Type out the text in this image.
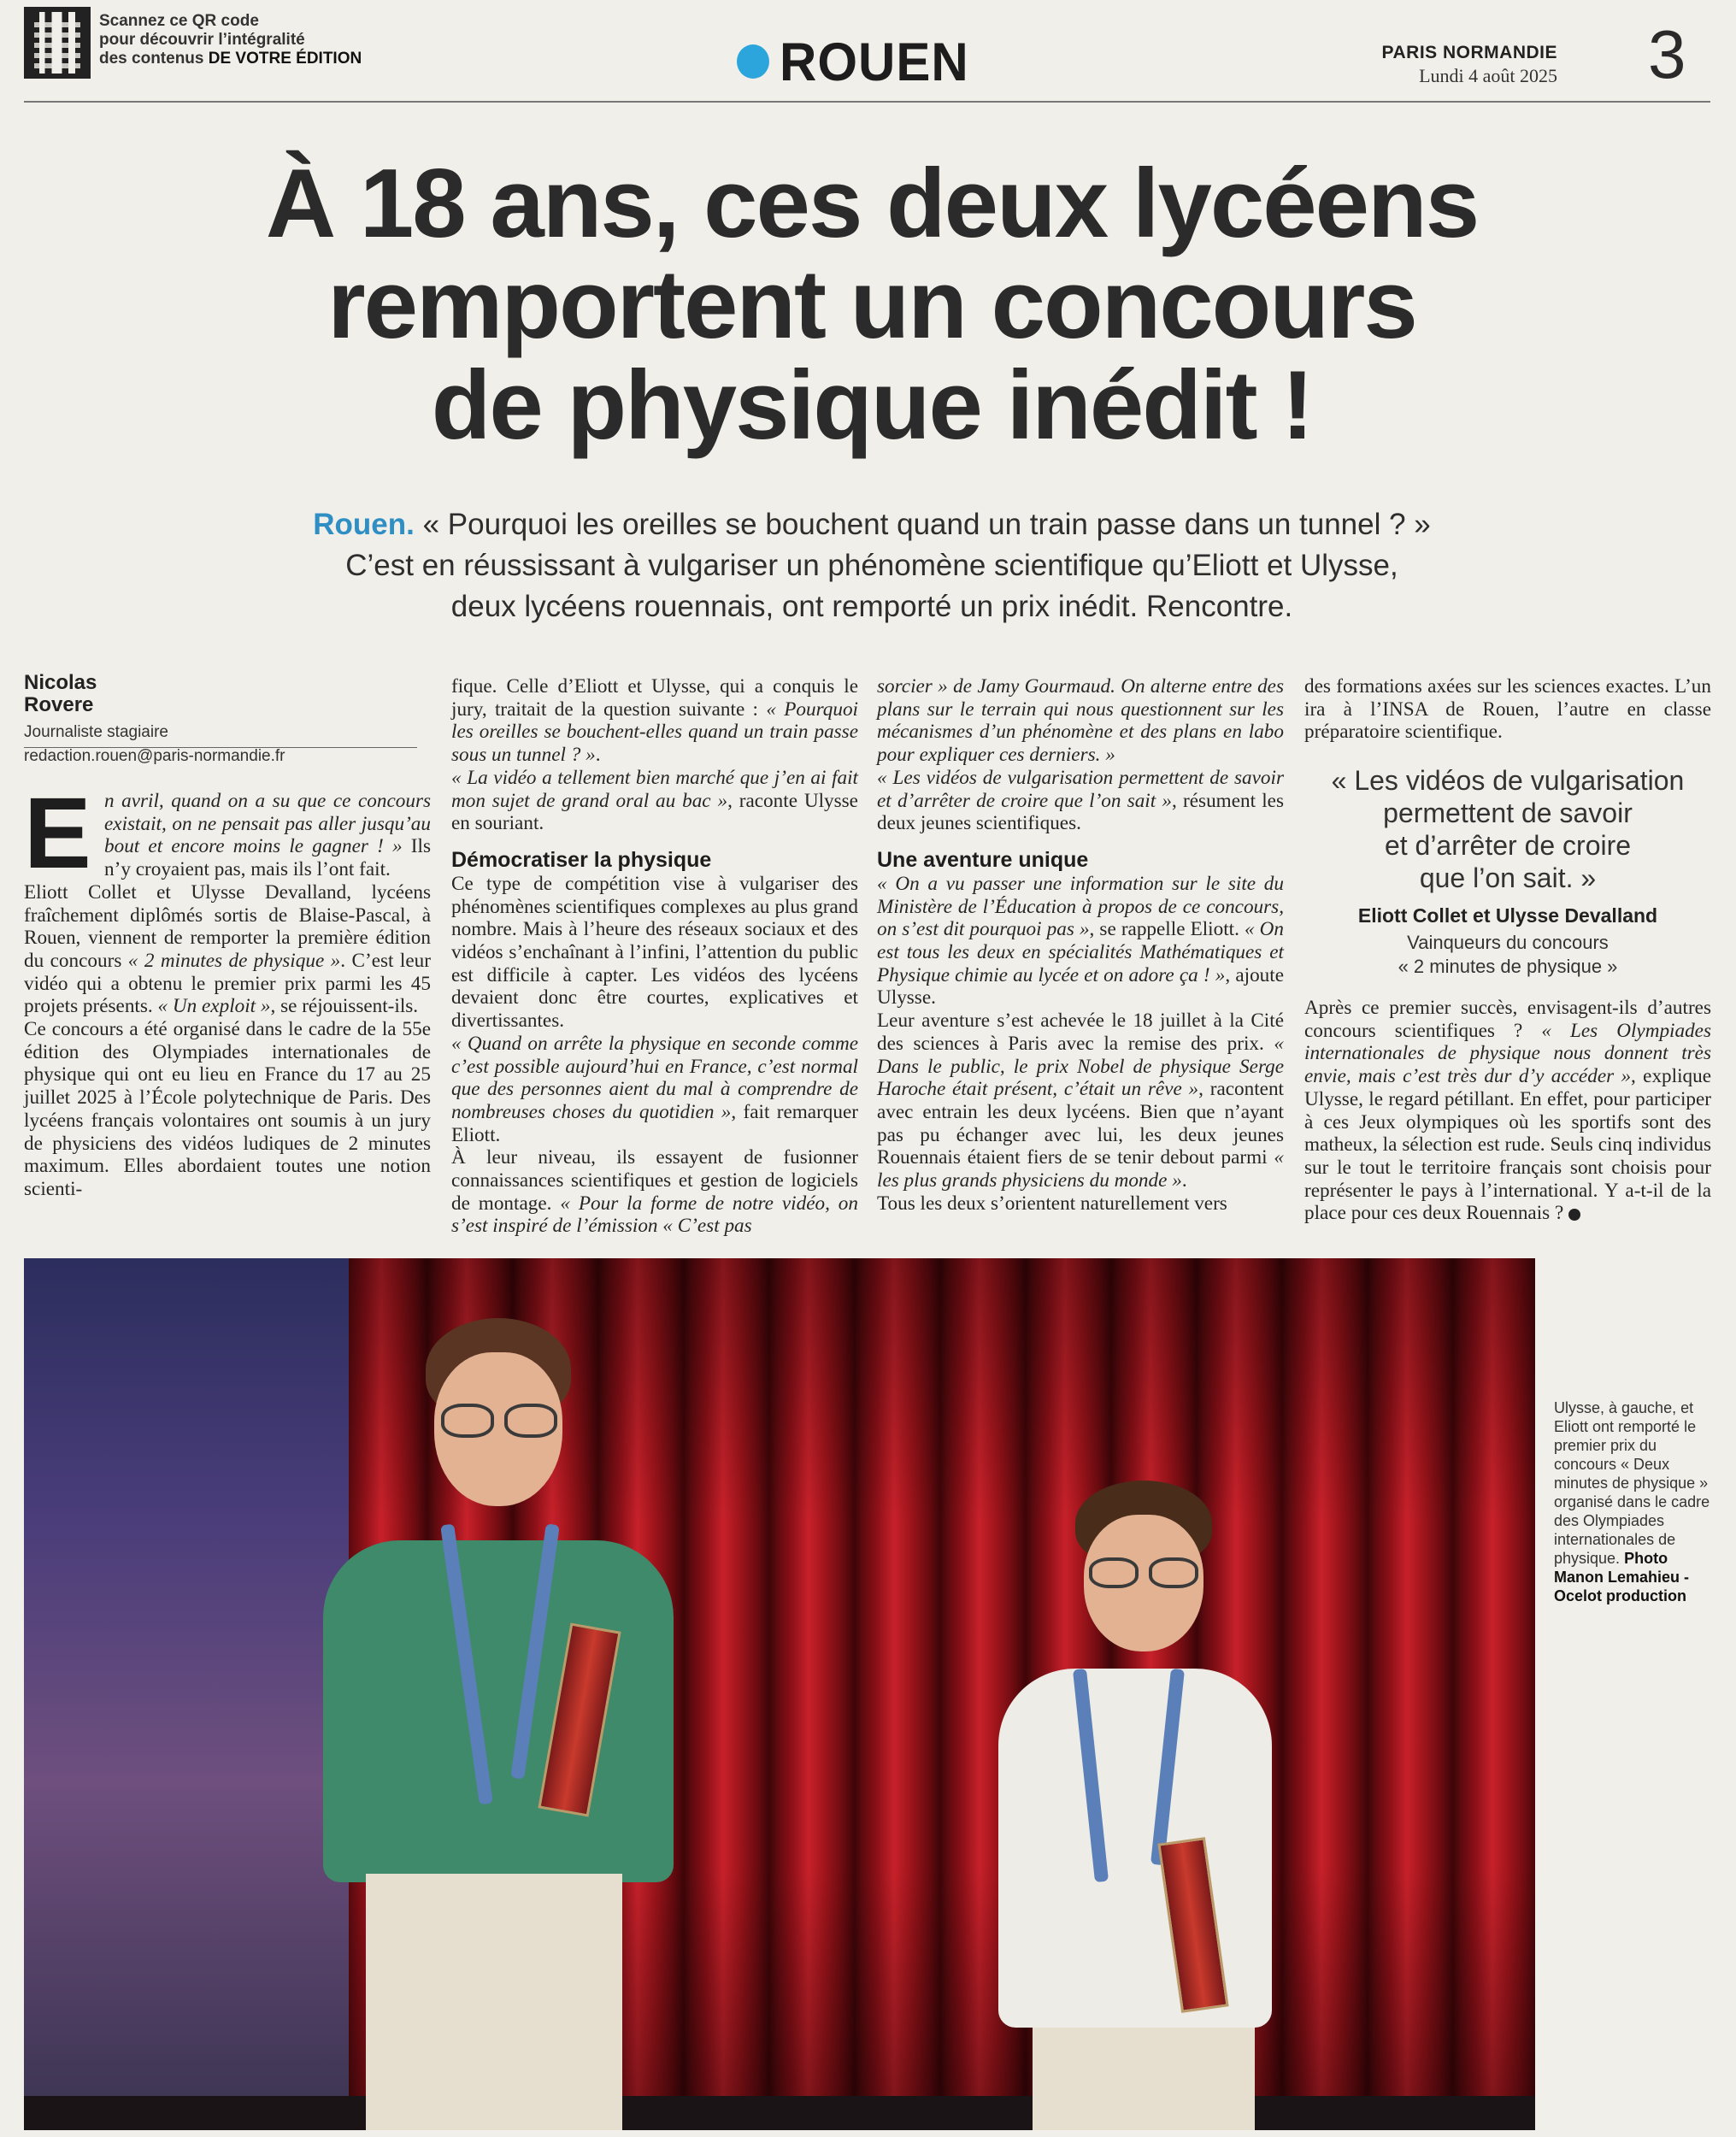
Scannez ce QR code
pour découvrir l’intégralité
des contenus DE VOTRE ÉDITION	ROUEN	PARIS NORMANDIE
Lundi 4 août 2025 3
À 18 ans, ces deux lycéens
remportent un concours
de physique inédit !
Rouen. « Pourquoi les oreilles se bouchent quand un train passe dans un tunnel ? »
C’est en réussissant à vulgariser un phénomène scientifique qu’Eliott et Ulysse,
deux lycéens rouennais, ont remporté un prix inédit. Rencontre.
Nicolas
Rovere
Journaliste stagiaire
redaction.rouen@paris-normandie.fr

En avril, quand on a su que ce concours existait, on ne pensait pas aller jusqu’au bout et encore moins le gagner ! » Ils n’y croyaient pas, mais ils l’ont fait.

Eliott Collet et Ulysse Devalland, lycéens fraîchement diplômés sortis de Blaise-Pascal, à Rouen, viennent de remporter la première édition du concours « 2 minutes de physique ». C’est leur vidéo qui a obtenu le premier prix parmi les 45 projets présents. « Un exploit », se réjouissent-ils.

Ce concours a été organisé dans le cadre de la 55e édition des Olympiades internationales de physique qui ont eu lieu en France du 17 au 25 juillet 2025 à l’École polytechnique de Paris. Des lycéens français volontaires ont soumis à un jury de physiciens des vidéos ludiques de 2 minutes maximum. Elles abordaient toutes une notion scienti-

fique. Celle d’Eliott et Ulysse, qui a conquis le jury, traitait de la question suivante : « Pourquoi les oreilles se bouchent-elles quand un train passe sous un tunnel ? ».

« La vidéo a tellement bien marché que j’en ai fait mon sujet de grand oral au bac », raconte Ulysse en souriant.

Démocratiser la physique

Ce type de compétition vise à vulgariser des phénomènes scientifiques complexes au plus grand nombre. Mais à l’heure des réseaux sociaux et des vidéos s’enchaînant à l’infini, l’attention du public est difficile à capter. Les vidéos des lycéens devaient donc être courtes, explicatives et divertissantes.

« Quand on arrête la physique en seconde comme c’est possible aujourd’hui en France, c’est normal que des personnes aient du mal à comprendre de nombreuses choses du quotidien », fait remarquer Eliott.

À leur niveau, ils essayent de fusionner connaissances scientifiques et gestion de logiciels de montage. « Pour la forme de notre vidéo, on s’est inspiré de l’émission « C’est pas

sorcier » de Jamy Gourmaud. On alterne entre des plans sur le terrain qui nous questionnent sur les mécanismes d’un phénomène et des plans en labo pour expliquer ces derniers. »

« Les vidéos de vulgarisation permettent de savoir et d’arrêter de croire que l’on sait », résument les deux jeunes scientifiques.

Une aventure unique

« On a vu passer une information sur le site du Ministère de l’Éducation à propos de ce concours, on s’est dit pourquoi pas », se rappelle Eliott. « On est tous les deux en spécialités Mathématiques et Physique chimie au lycée et on adore ça ! », ajoute Ulysse.

Leur aventure s’est achevée le 18 juillet à la Cité des sciences à Paris avec la remise des prix. « Dans le public, le prix Nobel de physique Serge Haroche était présent, c’était un rêve », racontent avec entrain les deux lycéens. Bien que n’ayant pas pu échanger avec lui, les deux jeunes Rouennais étaient fiers de se tenir debout parmi « les plus grands physiciens du monde ».

Tous les deux s’orientent naturellement vers

des formations axées sur les sciences exactes. L’un ira à l’INSA de Rouen, l’autre en classe préparatoire scientifique.

« Les vidéos de vulgarisation
permettent de savoir
et d’arrêter de croire
que l’on sait. »
Eliott Collet et Ulysse Devalland
Vainqueurs du concours
« 2 minutes de physique »

Après ce premier succès, envisagent-ils d’autres concours scientifiques ? « Les Olympiades internationales de physique nous donnent très envie, mais c’est très dur d’y accéder », explique Ulysse, le regard pétillant. En effet, pour participer à ces Jeux olympiques où les sportifs sont des matheux, la sélection est rude. Seuls cinq individus sur le tout le territoire français sont choisis pour représenter le pays à l’international. Y a-t-il de la place pour ces deux Rouennais ?

Ulysse, à gauche, et Eliott ont remporté le premier prix du concours « Deux minutes de physique » organisé dans le cadre des Olympiades internationales de physique. Photo Manon Lemahieu - Ocelot production
